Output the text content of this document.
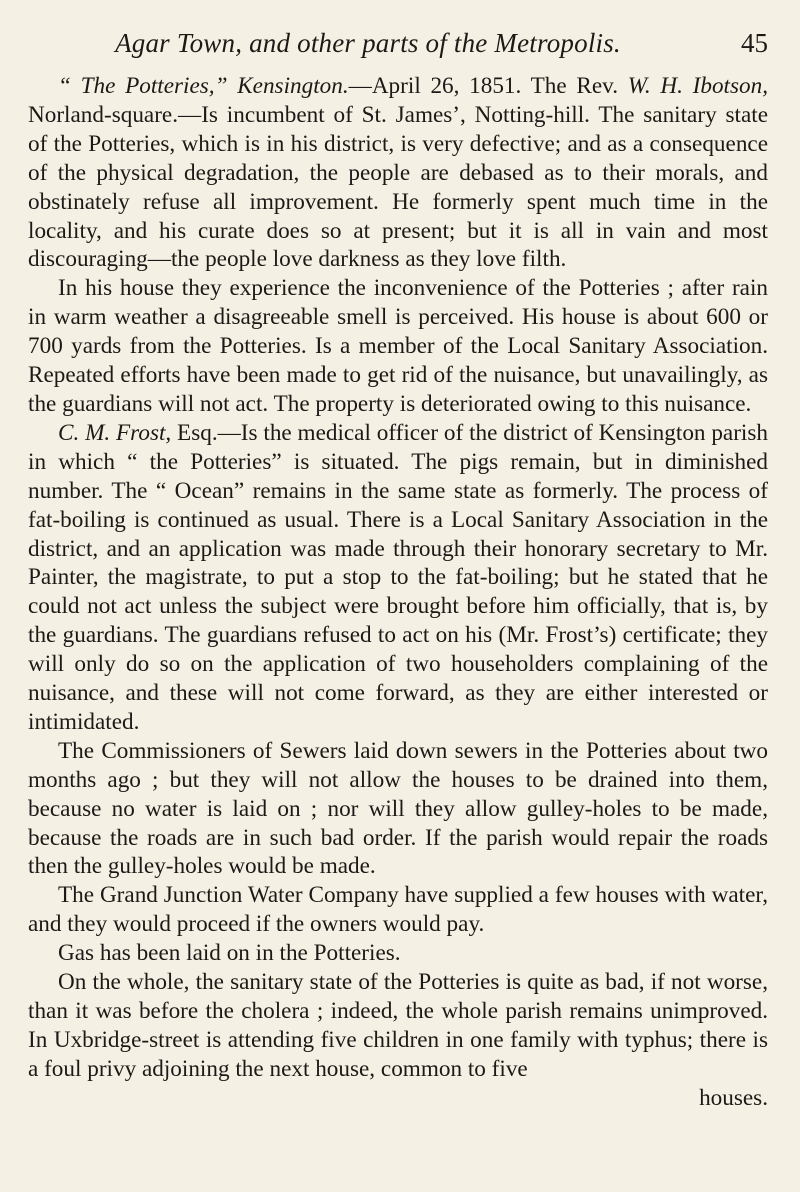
Agar Town, and other parts of the Metropolis.	45

“ The Potteries,” Kensington.—April 26, 1851. The Rev. W. H. Ibotson, Norland-square.—Is incumbent of St. James’, Notting-hill. The sanitary state of the Potteries, which is in his district, is very defective; and as a consequence of the physical degradation, the people are debased as to their morals, and obstinately refuse all improvement. He formerly spent much time in the locality, and his curate does so at present; but it is all in vain and most discouraging—the people love darkness as they love filth.

In his house they experience the inconvenience of the Potteries ; after rain in warm weather a disagreeable smell is perceived. His house is about 600 or 700 yards from the Potteries. Is a member of the Local Sanitary Association. Repeated efforts have been made to get rid of the nuisance, but unavailingly, as the guardians will not act. The property is deteriorated owing to this nuisance.

C. M. Frost, Esq.—Is the medical officer of the district of Kensington parish in which “ the Potteries” is situated. The pigs remain, but in diminished number. The “ Ocean” remains in the same state as formerly. The process of fat-boiling is continued as usual. There is a Local Sanitary Association in the district, and an application was made through their honorary secretary to Mr. Painter, the magistrate, to put a stop to the fat-boiling; but he stated that he could not act unless the subject were brought before him officially, that is, by the guardians. The guardians refused to act on his (Mr. Frost’s) certificate; they will only do so on the application of two householders complaining of the nuisance, and these will not come forward, as they are either interested or intimidated.

The Commissioners of Sewers laid down sewers in the Potteries about two months ago ; but they will not allow the houses to be drained into them, because no water is laid on ; nor will they allow gulley-holes to be made, because the roads are in such bad order. If the parish would repair the roads then the gulley-holes would be made.

The Grand Junction Water Company have supplied a few houses with water, and they would proceed if the owners would pay.

Gas has been laid on in the Potteries.

On the whole, the sanitary state of the Potteries is quite as bad, if not worse, than it was before the cholera ; indeed, the whole parish remains unimproved. In Uxbridge-street is attending five children in one family with typhus; there is a foul privy adjoining the next house, common to five

houses.
